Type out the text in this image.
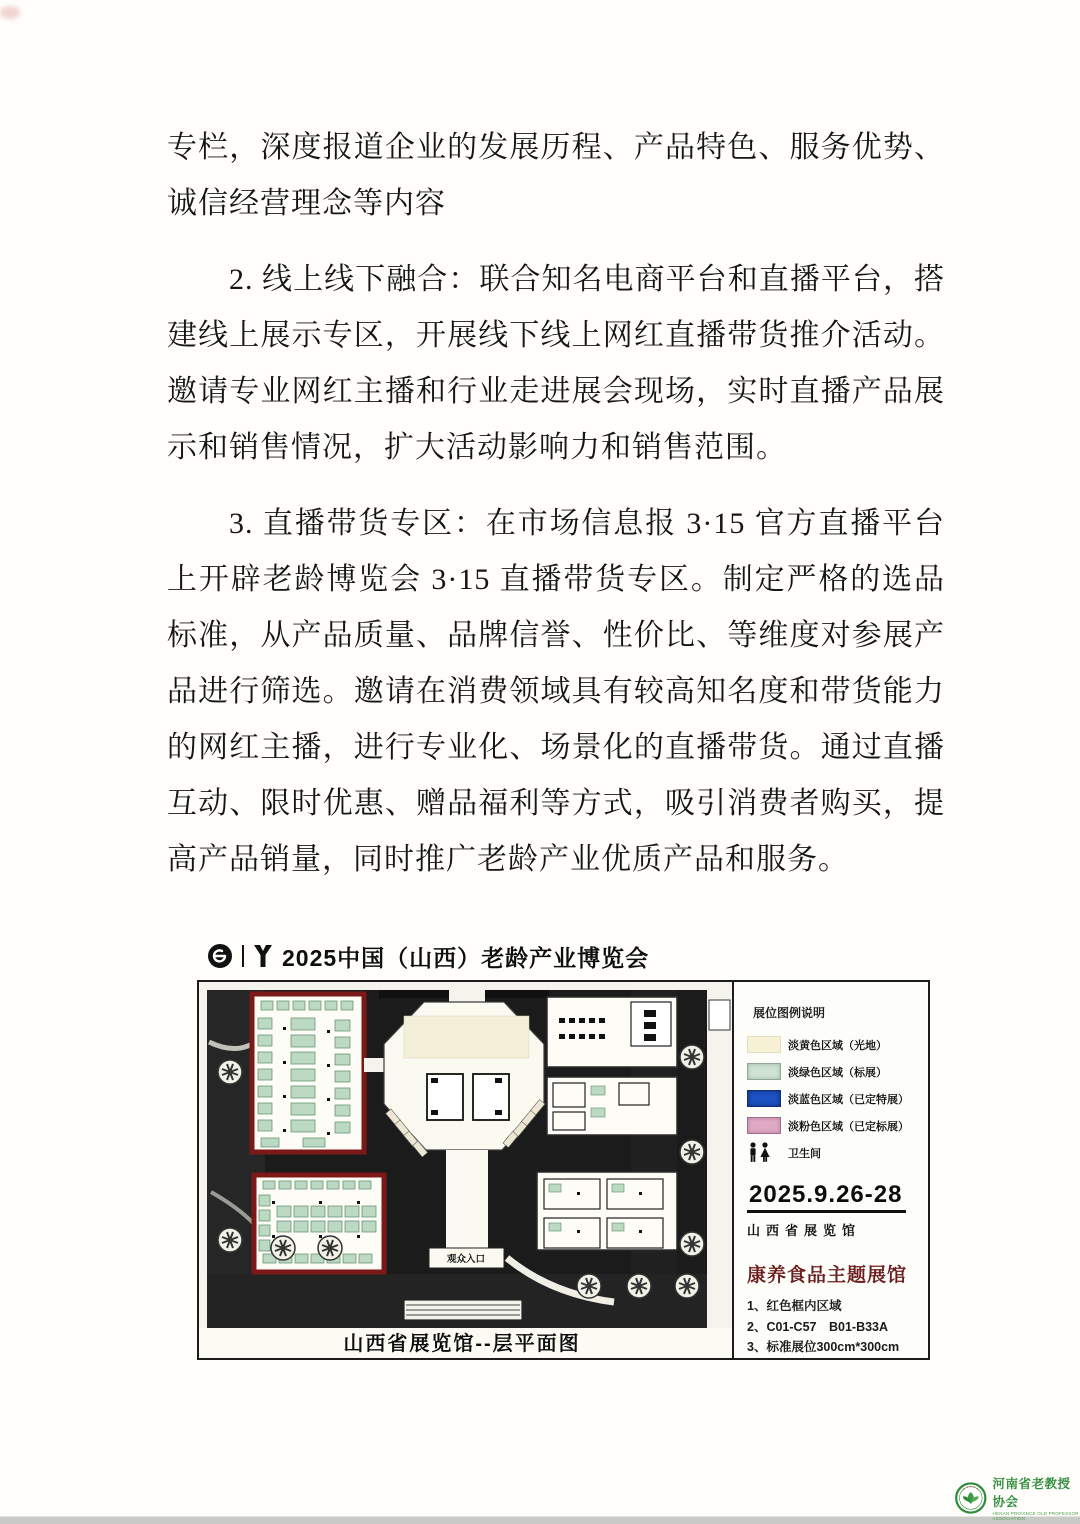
专栏，深度报道企业的发展历程、产品特色、服务优势、诚信经营理念等内容

2. 线上线下融合：联合知名电商平台和直播平台，搭建线上展示专区，开展线下线上网红直播带货推介活动。邀请专业网红主播和行业走进展会现场，实时直播产品展示和销售情况，扩大活动影响力和销售范围。

3. 直播带货专区：在市场信息报 3·15 官方直播平台上开辟老龄博览会 3·15 直播带货专区。制定严格的选品标准，从产品质量、品牌信誉、性价比、等维度对参展产品进行筛选。邀请在消费领域具有较高知名度和带货能力的网红主播，进行专业化、场景化的直播带货。通过直播互动、限时优惠、赠品福利等方式，吸引消费者购买，提高产品销量，同时推广老龄产业优质产品和服务。

2025中国（山西）老龄产业博览会
观众入口
山西省展览馆--层平面图
展位图例说明
淡黄色区域（光地）
淡绿色区域（标展）
淡蓝色区域（已定特展）
淡粉色区域（已定标展）
卫生间
2025.9.26-28
山西省展览馆
康养食品主题展馆
1、红色框内区域
2、C01-C57　B01-B33A
3、标准展位300cm*300cm
河南省老教授协会
HENAN PROVINCE OLD PROFESSOR ASSOCIATION
